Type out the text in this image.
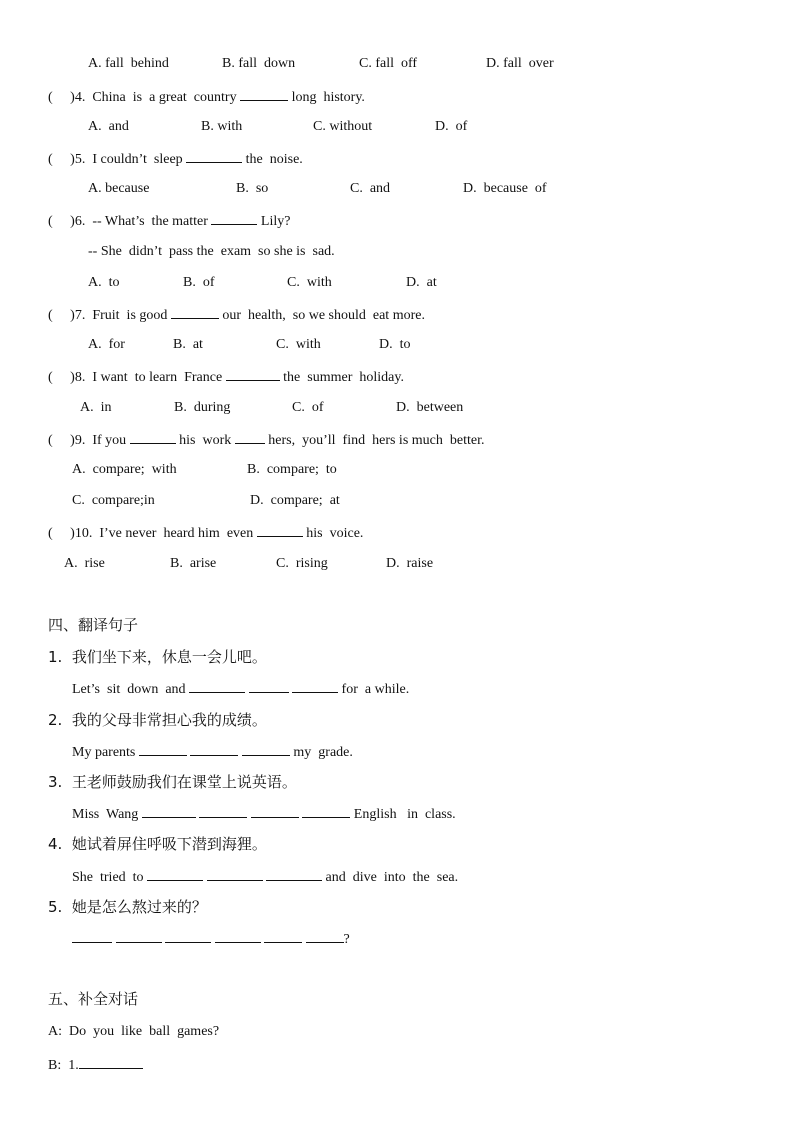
A. fall  behind	B. fall  down	C. fall  off	D. fall  over
(     )4.  China  is  a great  country	long  history.
A.  and	B. with	C. without	D.  of
(     )5.  I couldn’t  sleep	the  noise.
A. because	B.  so	C.  and	D.  because  of
(     )6.  -- What’s  the matter	Lily?
-- She  didn’t  pass the  exam  so she is  sad.
A.  to	B.  of	C.  with	D.  at
(     )7.  Fruit  is good	our  health,  so we should  eat more.
A.  for	B.  at	C.  with	D.  to
(     )8.  I want  to learn  France	the  summer  holiday.
A.  in	B.  during	C.  of	D.  between
(     )9.  If you	his  work	hers,  you’ll  find  hers is much  better.
A.  compare;  with	B.  compare;  to
C.  compare;in	D.  compare;  at
(     )10.  I’ve never  heard him  even	his  voice.
A.  rise	B.  arise	C.  rising	D.  raise
四、翻译句子
1.  我们坐下来，休息一会儿吧。
Let’s  sit  down  and	for  a while.
2.  我的父母非常担心我的成绩。
My parents	my  grade.
3.  王老师鼓励我们在课堂上说英语。
Miss  Wang	English   in  class.
4.  她试着屏住呼吸下潜到海狸。
She  tried  to	and  dive  into  the  sea.
5.  她是怎么熬过来的？
?
五、补全对话
A:  Do  you  like  ball  games?
B:  1.
